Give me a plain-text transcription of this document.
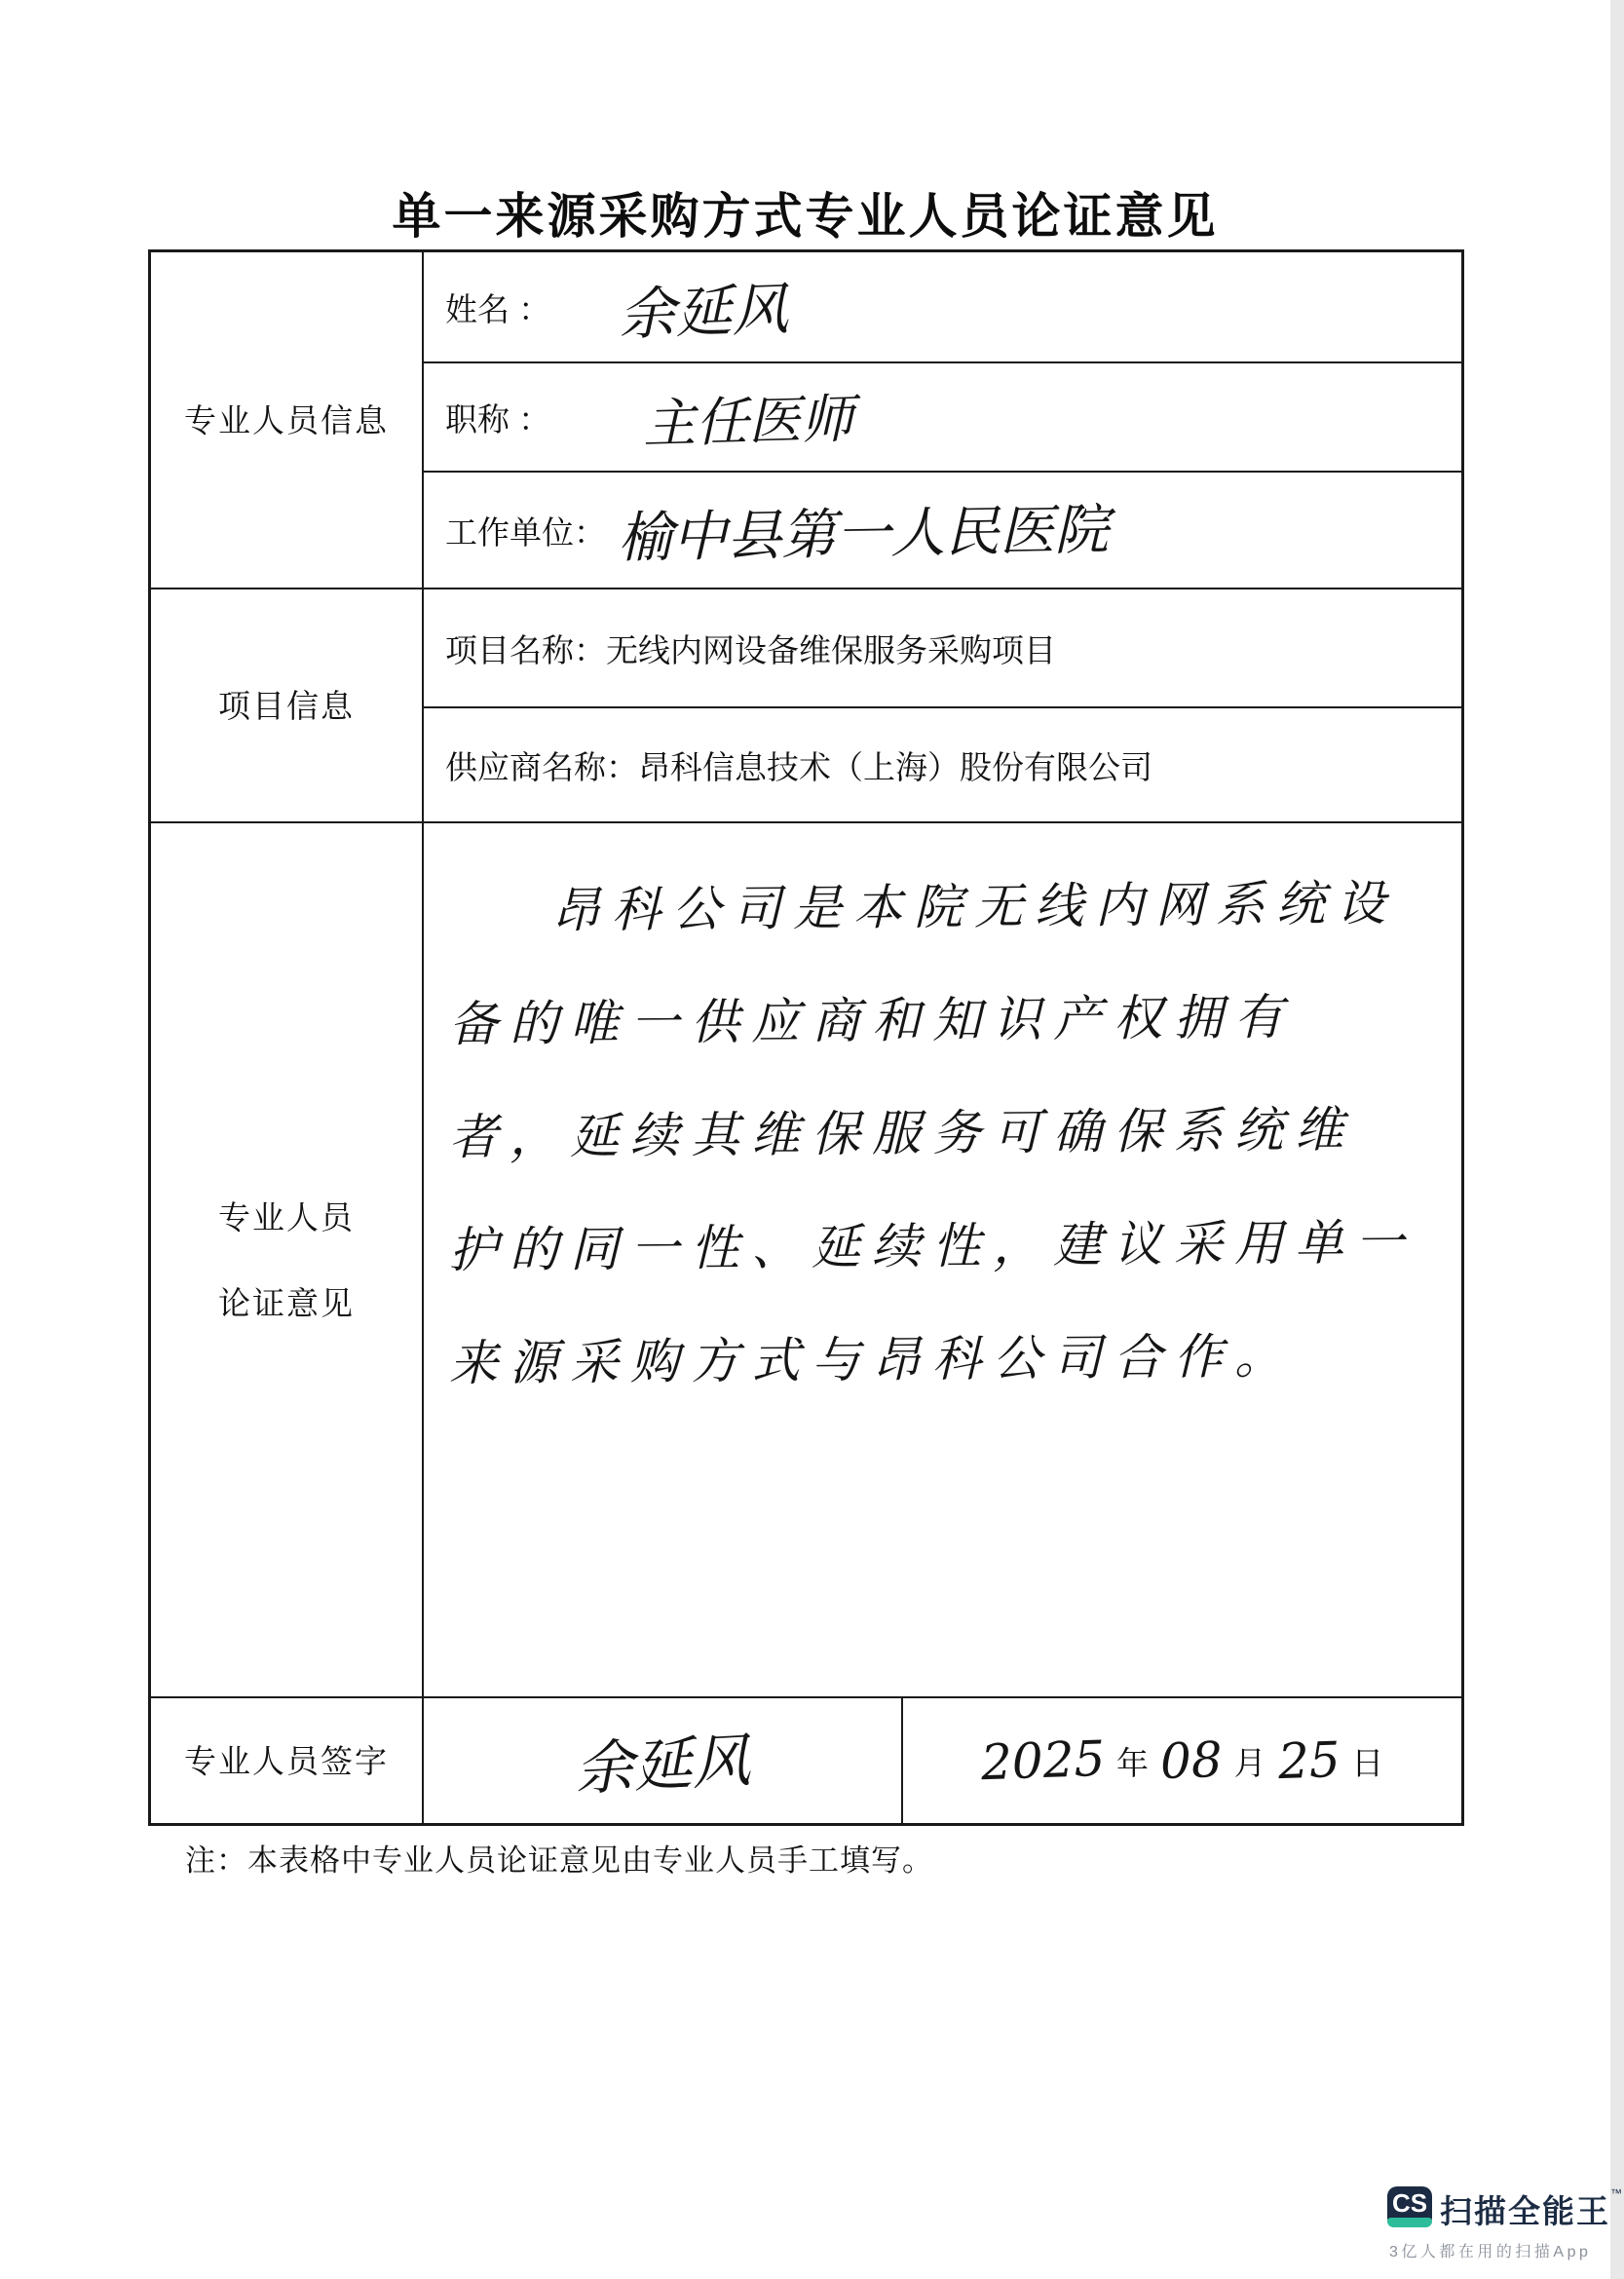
单一来源采购方式专业人员论证意见
专业人员信息
姓名 ： 余延风
职称 ： 主任医师
工作单位： 榆中县第一人民医院
项目信息
项目名称： 无线内网设备维保服务采购项目
供应商名称： 昂科信息技术（上海）股份有限公司
专业人员
论证意见
昂科公司是本院无线内网系统设
备的唯一供应商和知识产权拥有
者，延续其维保服务可确保系统维
护的同一性、延续性，建议采用单一
来源采购方式与昂科公司合作。
专业人员签字	余延风	2025 年 08 月 25 日
注：本表格中专业人员论证意见由专业人员手工填写。
CS 扫描全能王™
3亿人都在用的扫描App
